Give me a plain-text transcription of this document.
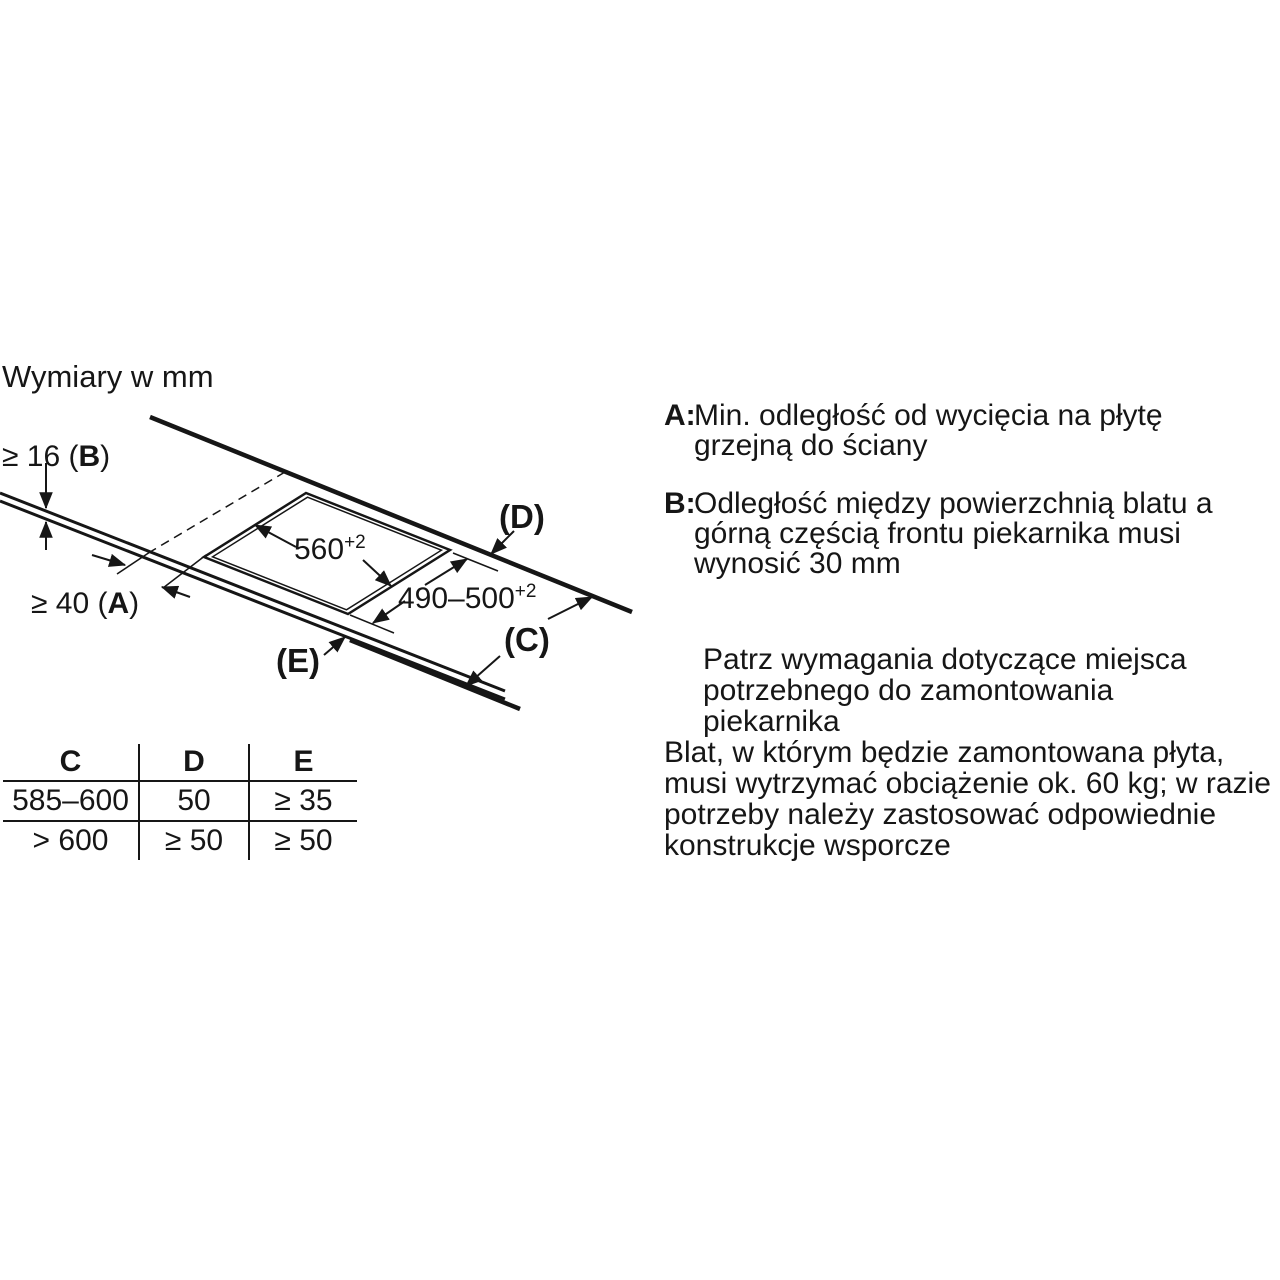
Wymiary w mm
≥ 16 (B)
≥ 40 (A)
$560^{+2}$
$490-500^{+2}$
(D)
(C)
(E)
C	D	E
585–600	50	≥ 35
> 600	≥ 50	≥ 50
A:
Min. odległość od wycięcia na płytę
grzejną do ściany
B:
Odległość między powierzchnią blatu a
górną częścią frontu piekarnika musi
wynosić 30 mm
Patrz wymagania dotyczące miejsca
potrzebnego do zamontowania
piekarnika
Blat, w którym będzie zamontowana płyta,
musi wytrzymać obciążenie ok. 60 kg; w razie
potrzeby należy zastosować odpowiednie
konstrukcje wsporcze
